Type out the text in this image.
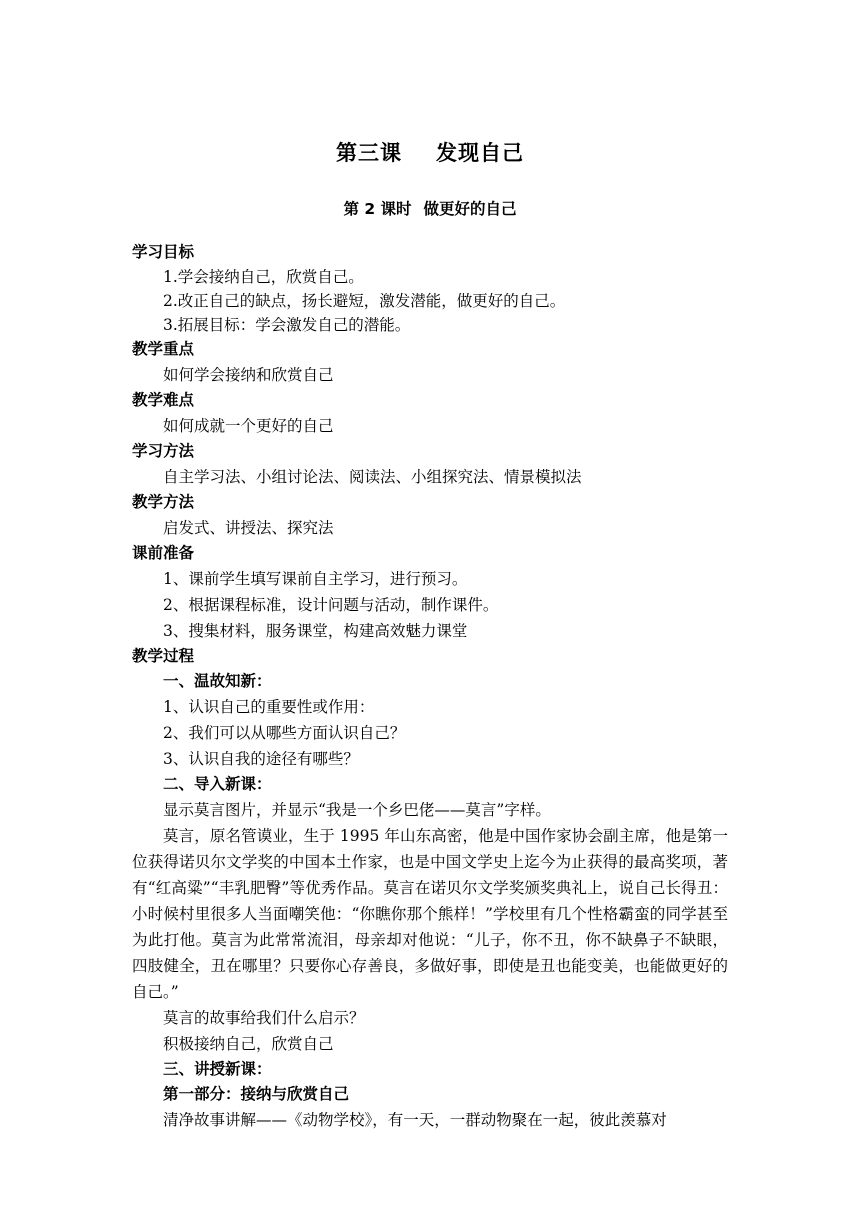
第三课 发现自己
第 2 课时 做更好的自己
学习目标
1.学会接纳自己，欣赏自己。
2.改正自己的缺点，扬长避短，激发潜能，做更好的自己。
3.拓展目标：学会激发自己的潜能。
教学重点
如何学会接纳和欣赏自己
教学难点
如何成就一个更好的自己
学习方法
自主学习法、小组讨论法、阅读法、小组探究法、情景模拟法
教学方法
启发式、讲授法、探究法
课前准备
1、课前学生填写课前自主学习，进行预习。
2、根据课程标准，设计问题与活动，制作课件。
3、搜集材料，服务课堂，构建高效魅力课堂
教学过程
一、温故知新：
1、认识自己的重要性或作用：
2、我们可以从哪些方面认识自己？
3、认识自我的途径有哪些？
二、导入新课：
显示莫言图片，并显示“我是一个乡巴佬——莫言”字样。
莫言，原名管谟业，生于 1995 年山东高密，他是中国作家协会副主席，他是第一位获得诺贝尔文学奖的中国本土作家，也是中国文学史上迄今为止获得的最高奖项，著有“红高粱”“丰乳肥臀”等优秀作品。莫言在诺贝尔文学奖颁奖典礼上，说自己长得丑：小时候村里很多人当面嘲笑他：“你瞧你那个熊样！”学校里有几个性格霸蛮的同学甚至为此打他。莫言为此常常流泪，母亲却对他说：“儿子，你不丑，你不缺鼻子不缺眼，四肢健全，丑在哪里？只要你心存善良，多做好事，即使是丑也能变美，也能做更好的自己。”
莫言的故事给我们什么启示？
积极接纳自己，欣赏自己
三、讲授新课：
第一部分：接纳与欣赏自己
清净故事讲解——《动物学校》，有一天，一群动物聚在一起，彼此羡慕对
